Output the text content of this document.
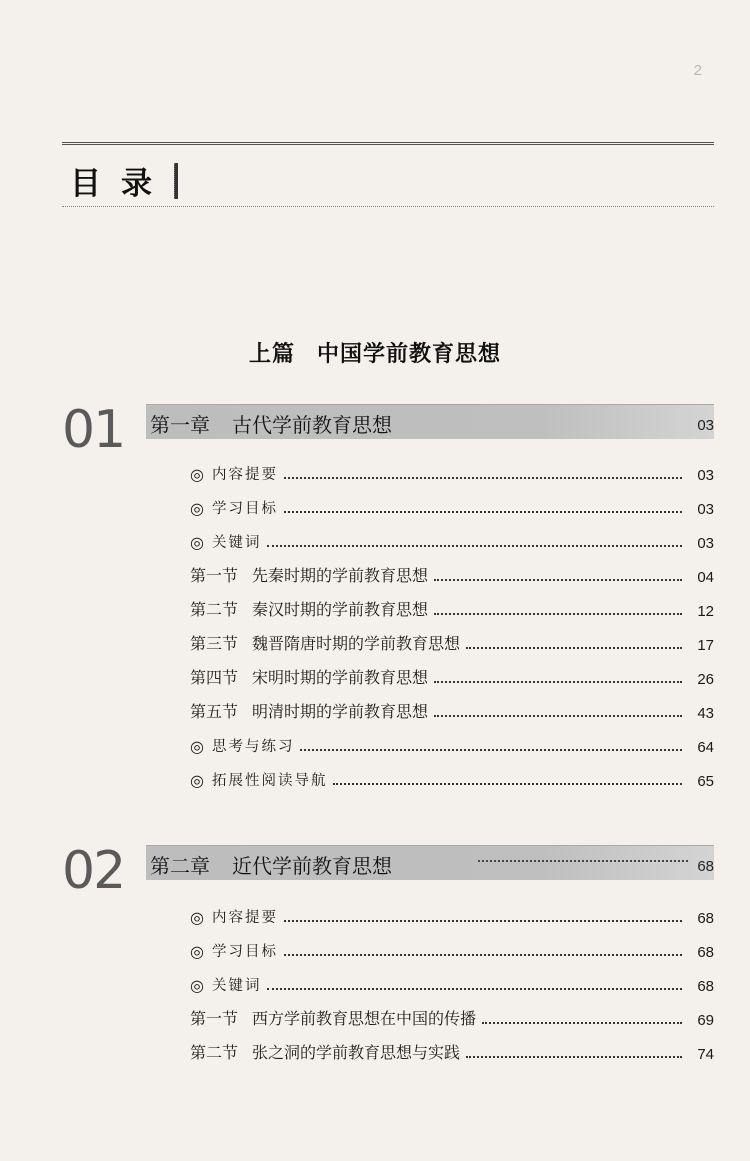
2
目录
上篇 中国学前教育思想
01 第一章 古代学前教育思想	03
◎ 内容提要	03
◎ 学习目标	03
◎ 关键词	03
第一节 先秦时期的学前教育思想	04
第二节 秦汉时期的学前教育思想	12
第三节 魏晋隋唐时期的学前教育思想	17
第四节 宋明时期的学前教育思想	26
第五节 明清时期的学前教育思想	43
◎ 思考与练习	64
◎ 拓展性阅读导航	65
02 第二章 近代学前教育思想	68
◎ 内容提要	68
◎ 学习目标	68
◎ 关键词	68
第一节 西方学前教育思想在中国的传播	69
第二节 张之洞的学前教育思想与实践	74
